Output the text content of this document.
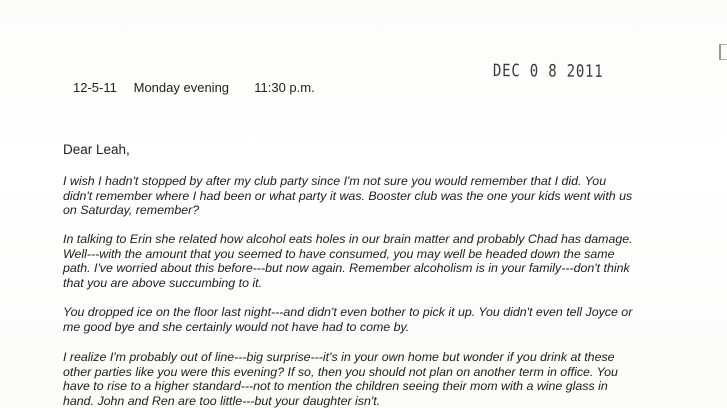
DEC 0 8 2011
12-5-11 Monday evening 11:30 p.m.
Dear Leah,

I wish I hadn't stopped by after my club party since I'm not sure you would remember that I did. You
didn't remember where I had been or what party it was. Booster club was the one your kids went with us
on Saturday, remember?

In talking to Erin she related how alcohol eats holes in our brain matter and probably Chad has damage.
Well---with the amount that you seemed to have consumed, you may well be headed down the same
path. I've worried about this before---but now again. Remember alcoholism is in your family---don't think
that you are above succumbing to it.

You dropped ice on the floor last night---and didn't even bother to pick it up. You didn't even tell Joyce or
me good bye and she certainly would not have had to come by.

I realize I'm probably out of line---big surprise---it's in your own home but wonder if you drink at these
other parties like you were this evening? If so, then you should not plan on another term in office. You
have to rise to a higher standard---not to mention the children seeing their mom with a wine glass in
hand. John and Ren are too little---but your daughter isn't.
